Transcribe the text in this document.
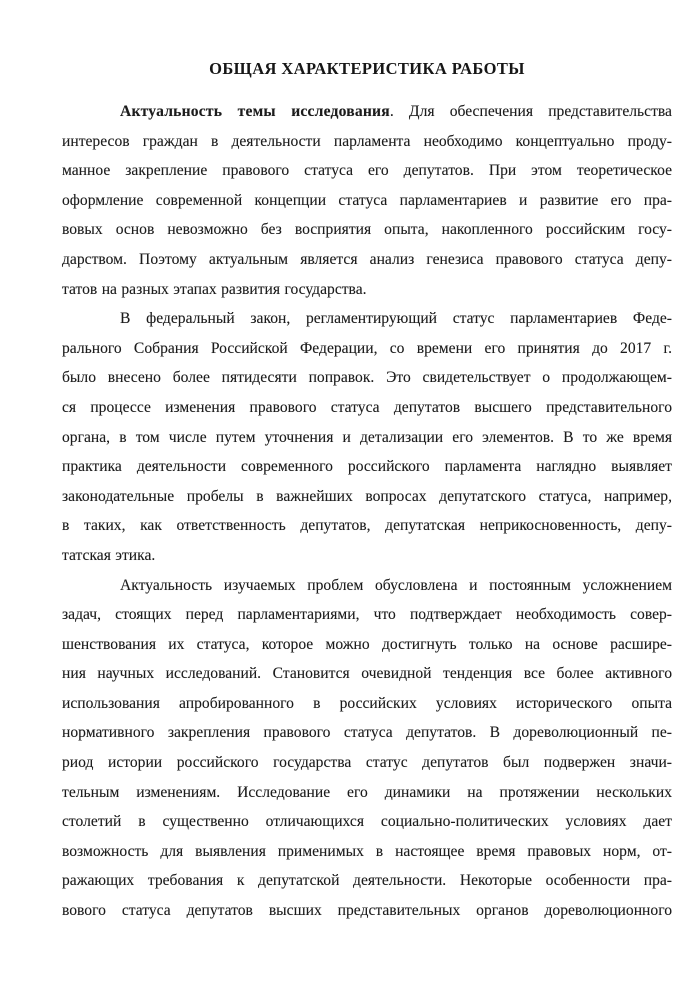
ОБЩАЯ ХАРАКТЕРИСТИКА РАБОТЫ
Актуальность темы исследования. Для обеспечения представительства
интересов граждан в деятельности парламента необходимо концептуально проду-
манное закрепление правового статуса его депутатов. При этом теоретическое
оформление современной концепции статуса парламентариев и развитие его пра-
вовых основ невозможно без восприятия опыта, накопленного российским госу-
дарством. Поэтому актуальным является анализ генезиса правового статуса депу-
татов на разных этапах развития государства.
В федеральный закон, регламентирующий статус парламентариев Феде-
рального Собрания Российской Федерации, со времени его принятия до 2017 г.
было внесено более пятидесяти поправок. Это свидетельствует о продолжающем-
ся процессе изменения правового статуса депутатов высшего представительного
органа, в том числе путем уточнения и детализации его элементов. В то же время
практика деятельности современного российского парламента наглядно выявляет
законодательные пробелы в важнейших вопросах депутатского статуса, например,
в таких, как ответственность депутатов, депутатская неприкосновенность, депу-
татская этика.
Актуальность изучаемых проблем обусловлена и постоянным усложнением
задач, стоящих перед парламентариями, что подтверждает необходимость совер-
шенствования их статуса, которое можно достигнуть только на основе расшире-
ния научных исследований. Становится очевидной тенденция все более активного
использования апробированного в российских условиях исторического опыта
нормативного закрепления правового статуса депутатов. В дореволюционный пе-
риод истории российского государства статус депутатов был подвержен значи-
тельным изменениям. Исследование его динамики на протяжении нескольких
столетий в существенно отличающихся социально-политических условиях дает
возможность для выявления применимых в настоящее время правовых норм, от-
ражающих требования к депутатской деятельности. Некоторые особенности пра-
вового статуса депутатов высших представительных органов дореволюционного
